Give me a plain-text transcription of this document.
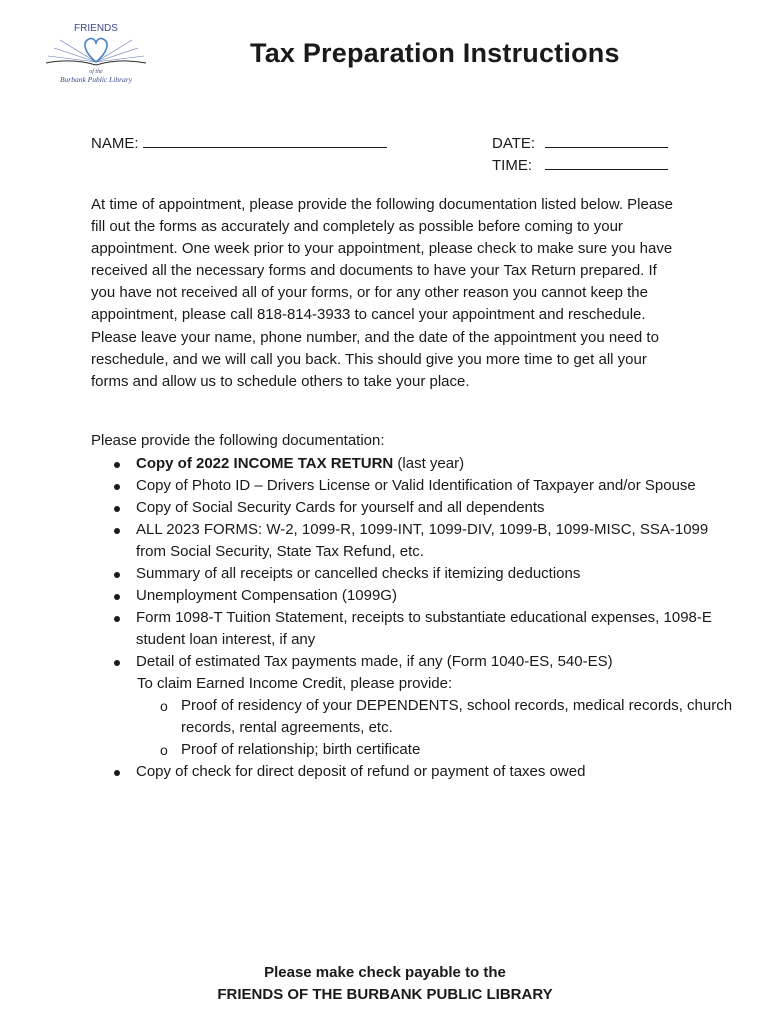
FRIENDS
of the
Burbank Public Library
Tax Preparation Instructions
NAME:	DATE:
TIME:

At time of appointment, please provide the following documentation listed below. Please fill out the forms as accurately and completely as possible before coming to your appointment. One week prior to your appointment, please check to make sure you have received all the necessary forms and documents to have your Tax Return prepared. If you have not received all of your forms, or for any other reason you cannot keep the appointment, please call 818-814-3933 to cancel your appointment and reschedule. Please leave your name, phone number, and the date of the appointment you need to reschedule, and we will call you back. This should give you more time to get all your forms and allow us to schedule others to take your place.

Please provide the following documentation:
Copy of 2022 INCOME TAX RETURN (last year)
Copy of Photo ID – Drivers License or Valid Identification of Taxpayer and/or Spouse
Copy of Social Security Cards for yourself and all dependents
ALL 2023 FORMS: W-2, 1099-R, 1099-INT, 1099-DIV, 1099-B, 1099-MISC, SSA-1099 from Social Security, State Tax Refund, etc.
Summary of all receipts or cancelled checks if itemizing deductions
Unemployment Compensation (1099G)
Form 1098-T Tuition Statement, receipts to substantiate educational expenses, 1098-E student loan interest, if any
Detail of estimated Tax payments made, if any (Form 1040-ES, 540-ES)
To claim Earned Income Credit, please provide:
o Proof of residency of your DEPENDENTS, school records, medical records, church records, rental agreements, etc.
o Proof of relationship; birth certificate
Copy of check for direct deposit of refund or payment of taxes owed
Please make check payable to the
FRIENDS OF THE BURBANK PUBLIC LIBRARY
